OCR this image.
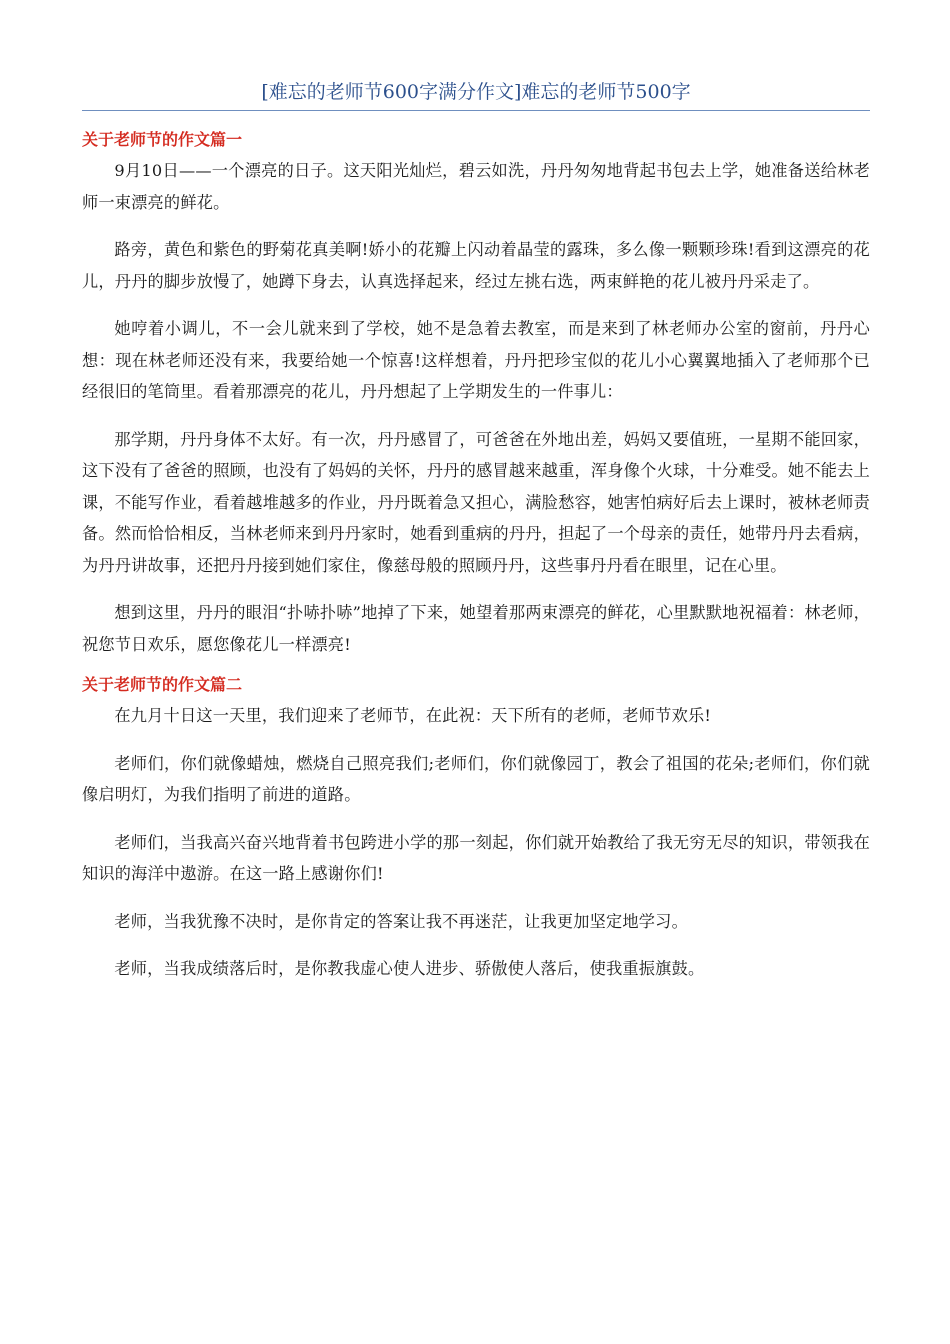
[难忘的老师节600字满分作文]难忘的老师节500字
关于老师节的作文篇一

9月10日——一个漂亮的日子。这天阳光灿烂，碧云如洗，丹丹匆匆地背起书包去上学，她准备送给林老师一束漂亮的鲜花。

路旁，黄色和紫色的野菊花真美啊!娇小的花瓣上闪动着晶莹的露珠，多么像一颗颗珍珠!看到这漂亮的花儿，丹丹的脚步放慢了，她蹲下身去，认真选择起来，经过左挑右选，两束鲜艳的花儿被丹丹采走了。

她哼着小调儿，不一会儿就来到了学校，她不是急着去教室，而是来到了林老师办公室的窗前，丹丹心想：现在林老师还没有来，我要给她一个惊喜!这样想着，丹丹把珍宝似的花儿小心翼翼地插入了老师那个已经很旧的笔筒里。看着那漂亮的花儿，丹丹想起了上学期发生的一件事儿：

那学期，丹丹身体不太好。有一次，丹丹感冒了，可爸爸在外地出差，妈妈又要值班，一星期不能回家，这下没有了爸爸的照顾，也没有了妈妈的关怀，丹丹的感冒越来越重，浑身像个火球，十分难受。她不能去上课，不能写作业，看着越堆越多的作业，丹丹既着急又担心，满脸愁容，她害怕病好后去上课时，被林老师责备。然而恰恰相反，当林老师来到丹丹家时，她看到重病的丹丹，担起了一个母亲的责任，她带丹丹去看病，为丹丹讲故事，还把丹丹接到她们家住，像慈母般的照顾丹丹，这些事丹丹看在眼里，记在心里。

想到这里，丹丹的眼泪“扑哧扑哧”地掉了下来，她望着那两束漂亮的鲜花，心里默默地祝福着：林老师，祝您节日欢乐，愿您像花儿一样漂亮!

关于老师节的作文篇二

在九月十日这一天里，我们迎来了老师节，在此祝：天下所有的老师，老师节欢乐!

老师们，你们就像蜡烛，燃烧自己照亮我们;老师们，你们就像园丁，教会了祖国的花朵;老师们，你们就像启明灯，为我们指明了前进的道路。

老师们，当我高兴奋兴地背着书包跨进小学的那一刻起，你们就开始教给了我无穷无尽的知识，带领我在知识的海洋中遨游。在这一路上感谢你们!

老师，当我犹豫不决时，是你肯定的答案让我不再迷茫，让我更加坚定地学习。

老师，当我成绩落后时，是你教我虚心使人进步、骄傲使人落后，使我重振旗鼓。
